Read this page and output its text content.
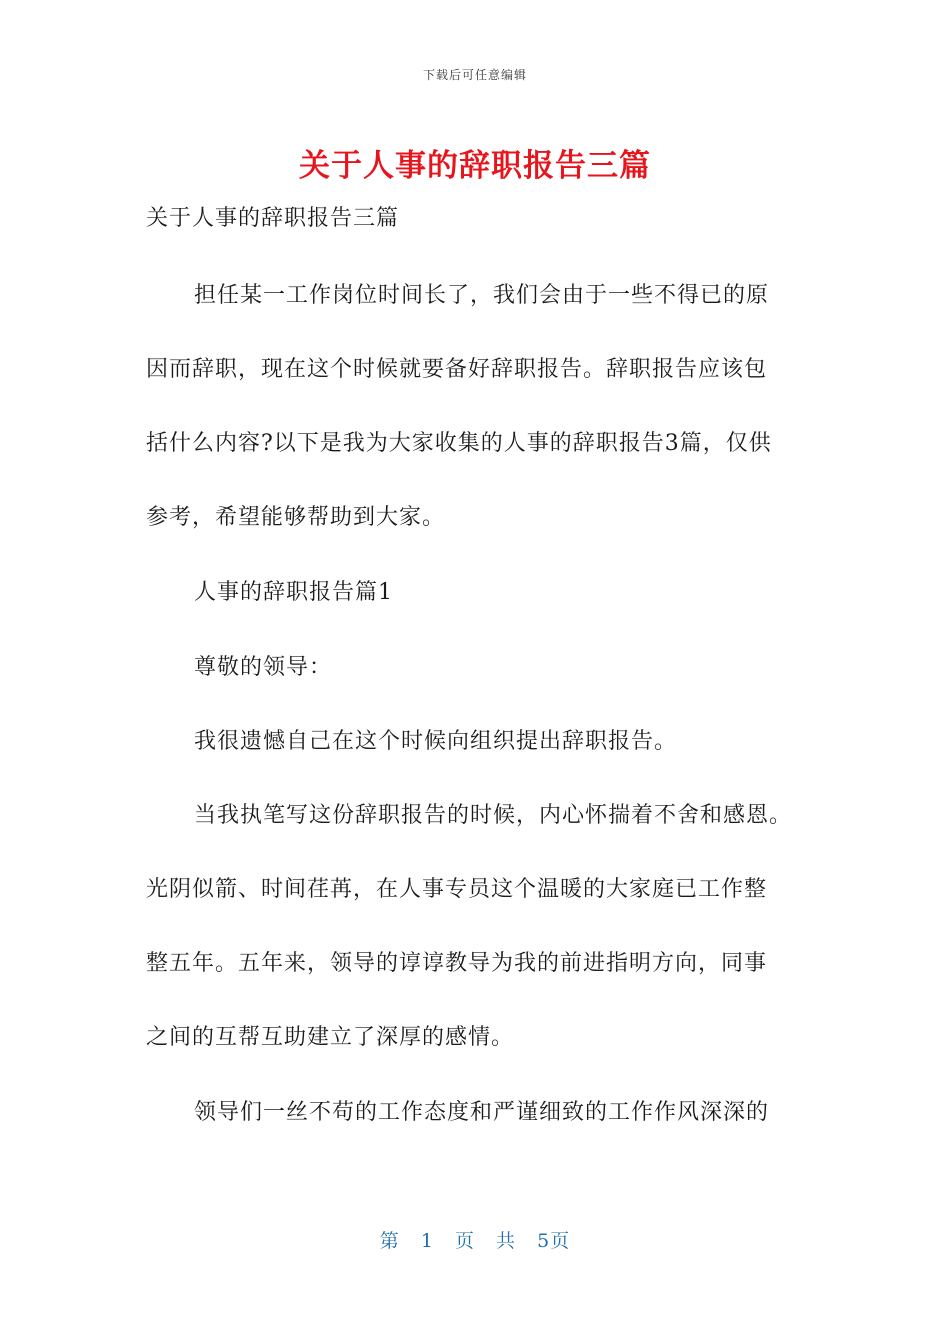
下载后可任意编辑
关于人事的辞职报告三篇
关于人事的辞职报告三篇
担任某一工作岗位时间长了，我们会由于一些不得已的原
因而辞职，现在这个时候就要备好辞职报告。辞职报告应该包
括什么内容?以下是我为大家收集的人事的辞职报告3篇，仅供
参考，希望能够帮助到大家。
人事的辞职报告篇1
尊敬的领导：
我很遗憾自己在这个时候向组织提出辞职报告。
当我执笔写这份辞职报告的时候，内心怀揣着不舍和感恩。
光阴似箭、时间荏苒，在人事专员这个温暖的大家庭已工作整
整五年。五年来，领导的谆谆教导为我的前进指明方向，同事
之间的互帮互助建立了深厚的感情。
领导们一丝不苟的工作态度和严谨细致的工作作风深深的
第 1 页 共 5页
